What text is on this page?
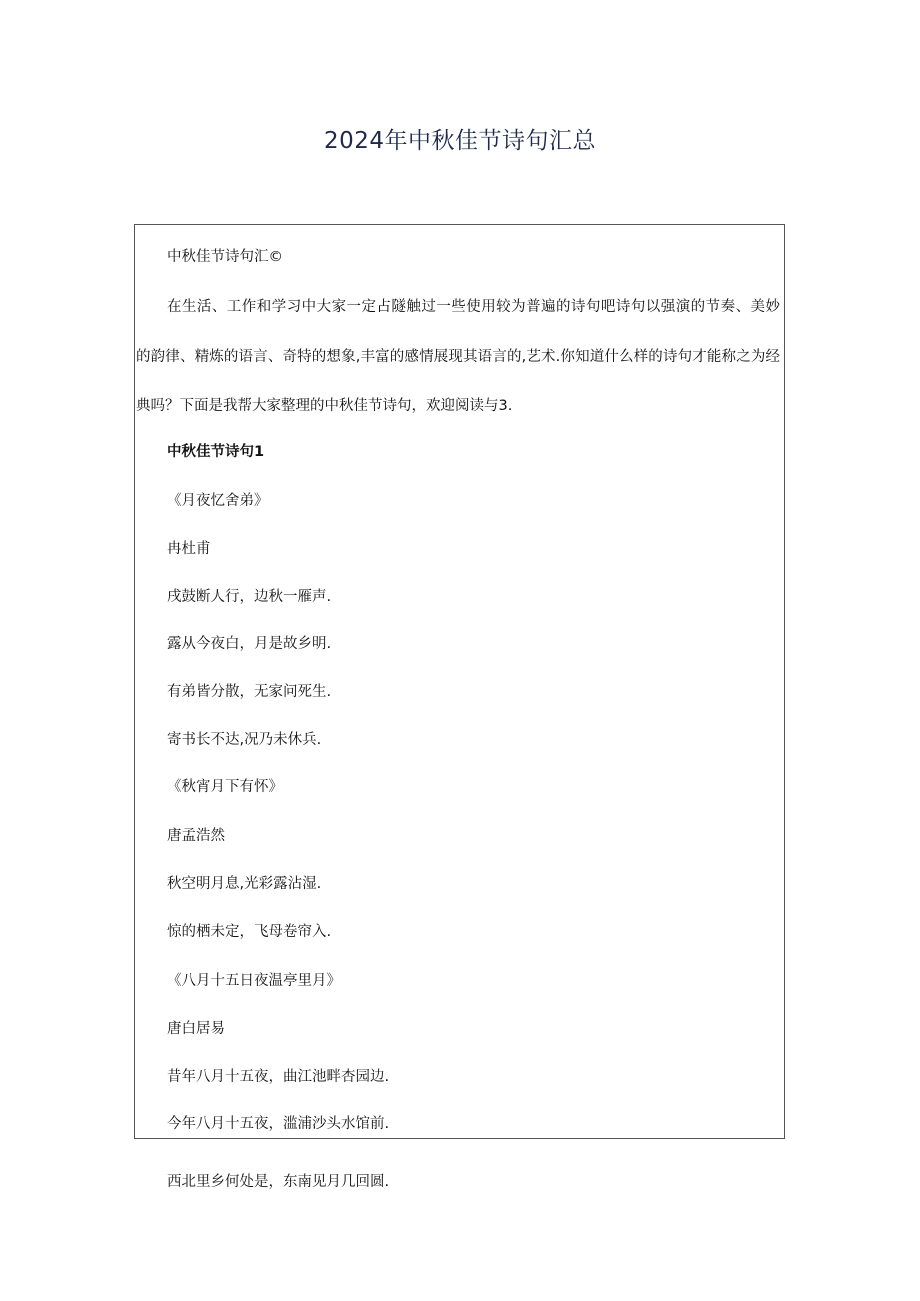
2024年中秋佳节诗句汇总
中秋佳节诗句汇©
在生活、工作和学习中大家一定占隧触过一些使用较为普遍的诗句吧诗句以强演的节奏、美妙
的韵律、精炼的语言、奇特的想象,丰富的感情展现其语言的,艺术.你知道什么样的诗句才能称之为经
典吗？下面是我帮大家整理的中秋佳节诗句，欢迎阅读与3.
中秋佳节诗句1
《月夜忆舍弟》
冉杜甫
戌鼓断人行，边秋一雁声.
露从今夜白，月是故乡明.
有弟皆分散，无家问死生.
寄书长不达,况乃未休兵.
《秋宵月下有怀》
唐孟浩然
秋空明月息,光彩露沾湿.
惊的栖未定，飞母卷帘入.
《八月十五日夜温亭里月》
唐白居易
昔年八月十五夜，曲江池畔杏园边.
今年八月十五夜，滥浦沙头水馆前.
西北里乡何处是，东南见月几回圆.
